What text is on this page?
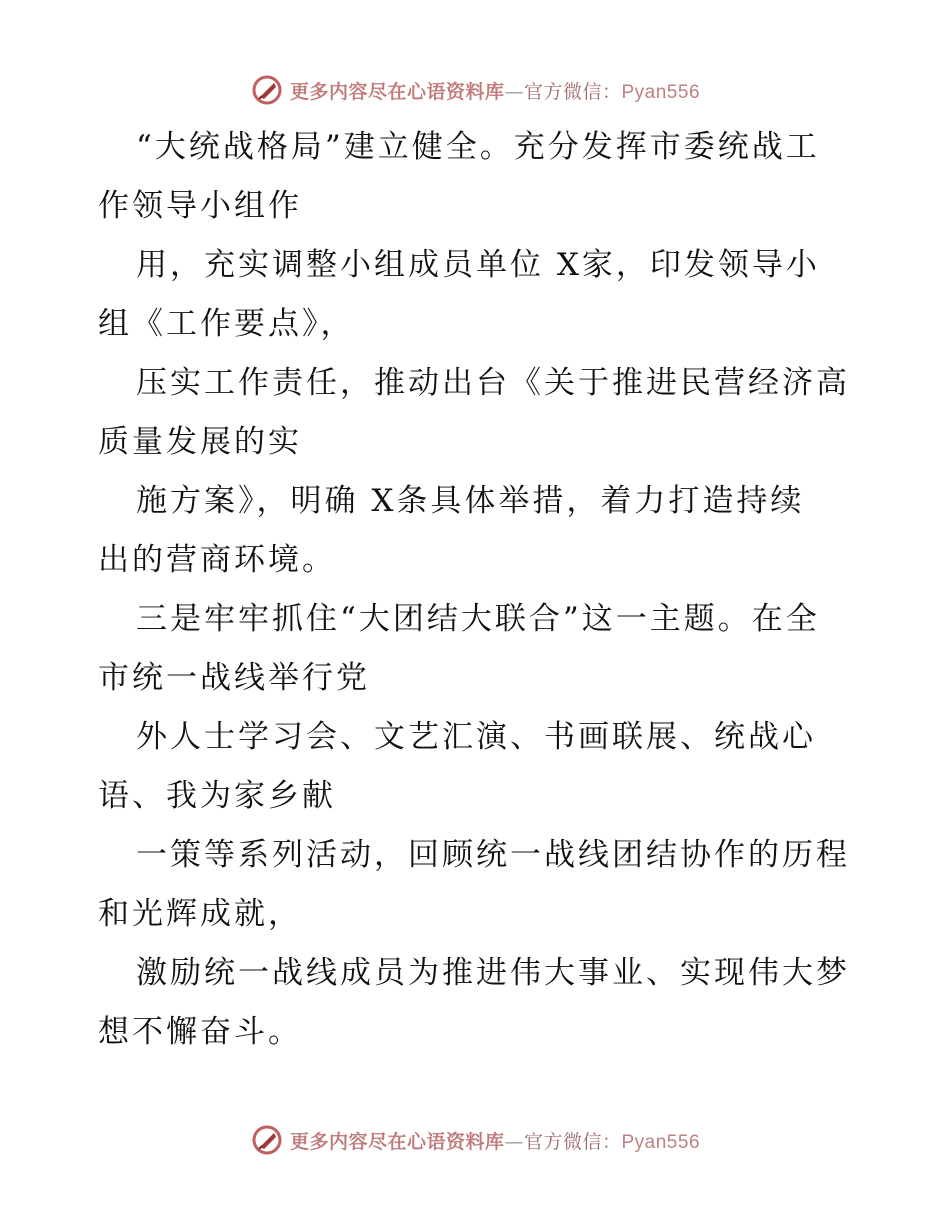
更多内容尽在心语资料库—官方微信：Pyan556
“大统战格局”建立健全。充分发挥市委统战工
作领导小组作
用，充实调整小组成员单位 X家，印发领导小
组《工作要点》，
压实工作责任，推动出台《关于推进民营经济高
质量发展的实
施方案》，明确 X条具体举措，着力打造持续
出的营商环境。
三是牢牢抓住“大团结大联合”这一主题。在全
市统一战线举行党
外人士学习会、文艺汇演、书画联展、统战心
语、我为家乡献
一策等系列活动，回顾统一战线团结协作的历程
和光辉成就，
激励统一战线成员为推进伟大事业、实现伟大梦
想不懈奋斗。
更多内容尽在心语资料库—官方微信：Pyan556
